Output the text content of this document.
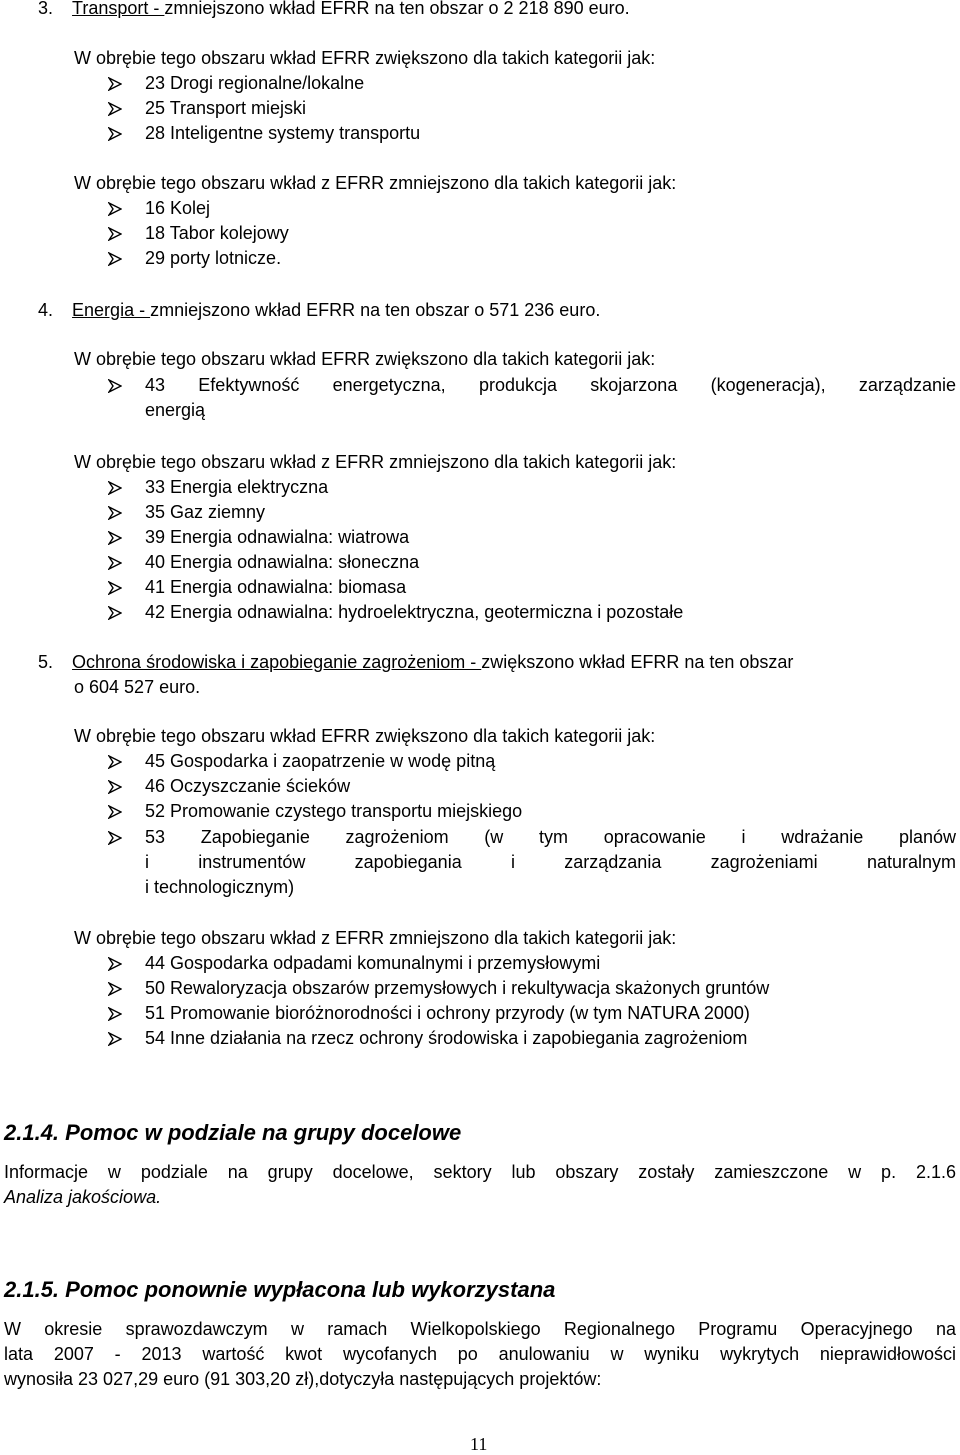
3. Transport - zmniejszono wkład EFRR na ten obszar o 2 218 890 euro.
W obrębie tego obszaru wkład EFRR zwiększono dla takich kategorii jak:
23 Drogi regionalne/lokalne
25 Transport miejski
28 Inteligentne systemy transportu
W obrębie tego obszaru wkład z EFRR zmniejszono dla takich kategorii jak:
16 Kolej
18 Tabor kolejowy
29 porty lotnicze.
4. Energia - zmniejszono wkład EFRR na ten obszar o 571 236 euro.
W obrębie tego obszaru wkład EFRR zwiększono dla takich kategorii jak:
43 Efektywność energetyczna, produkcja skojarzona (kogeneracja), zarządzanie
energią
W obrębie tego obszaru wkład z EFRR zmniejszono dla takich kategorii jak:
33 Energia elektryczna
35 Gaz ziemny
39 Energia odnawialna: wiatrowa
40 Energia odnawialna: słoneczna
41 Energia odnawialna: biomasa
42 Energia odnawialna: hydroelektryczna, geotermiczna i pozostałe
5. Ochrona środowiska i zapobieganie zagrożeniom - zwiększono wkład EFRR na ten obszar
o 604 527 euro.
W obrębie tego obszaru wkład EFRR zwiększono dla takich kategorii jak:
45 Gospodarka i zaopatrzenie w wodę pitną
46 Oczyszczanie ścieków
52 Promowanie czystego transportu miejskiego
53 Zapobieganie zagrożeniom (w tym opracowanie i wdrażanie planów
i instrumentów zapobiegania i zarządzania zagrożeniami naturalnym
i technologicznym)
W obrębie tego obszaru wkład z EFRR zmniejszono dla takich kategorii jak:
44 Gospodarka odpadami komunalnymi i przemysłowymi
50 Rewaloryzacja obszarów przemysłowych i rekultywacja skażonych gruntów
51 Promowanie bioróżnorodności i ochrony przyrody (w tym NATURA 2000)
54 Inne działania na rzecz ochrony środowiska i zapobiegania zagrożeniom
2.1.4. Pomoc w podziale na grupy docelowe
Informacje w podziale na grupy docelowe, sektory lub obszary zostały zamieszczone w p. 2.1.6
Analiza jakościowa.
2.1.5. Pomoc ponownie wypłacona lub wykorzystana
W okresie sprawozdawczym w ramach Wielkopolskiego Regionalnego Programu Operacyjnego na
lata 2007 - 2013 wartość kwot wycofanych po anulowaniu w wyniku wykrytych nieprawidłowości
wynosiła 23 027,29 euro (91 303,20 zł),dotyczyła następujących projektów:
11
